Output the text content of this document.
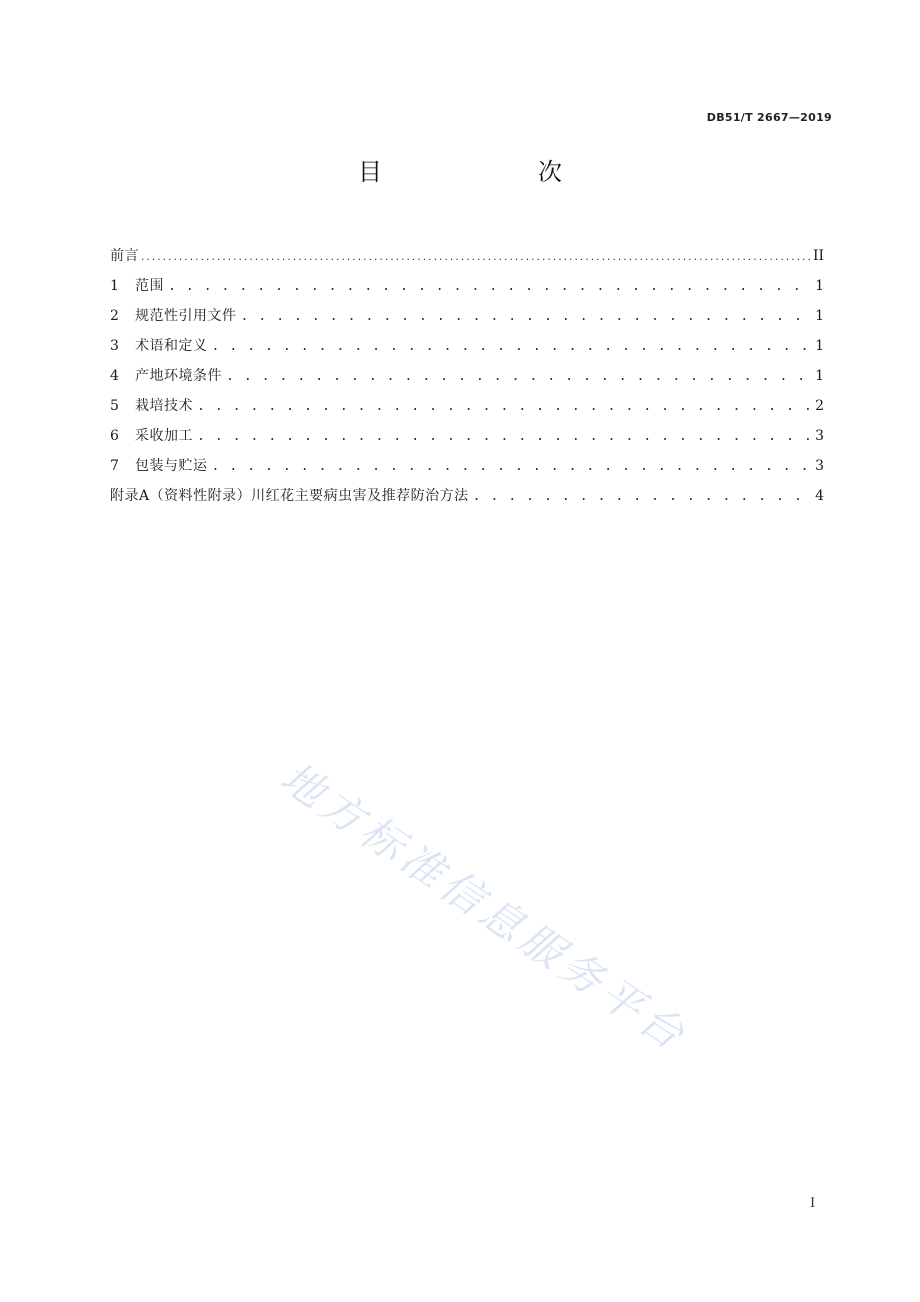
DB51/T 2667—2019
目　　次
前言 .....	II
1	范围 . . .	1
2	规范性引用文件 . . .	1
3	术语和定义 . . .	1
4	产地环境条件 . . .	1
5	栽培技术 . . .	2
6	采收加工 . . .	3
7	包装与贮运 . . .	3
附录A（资料性附录）川红花主要病虫害及推荐防治方法 . . .	4
地方标准信息服务平台
I
